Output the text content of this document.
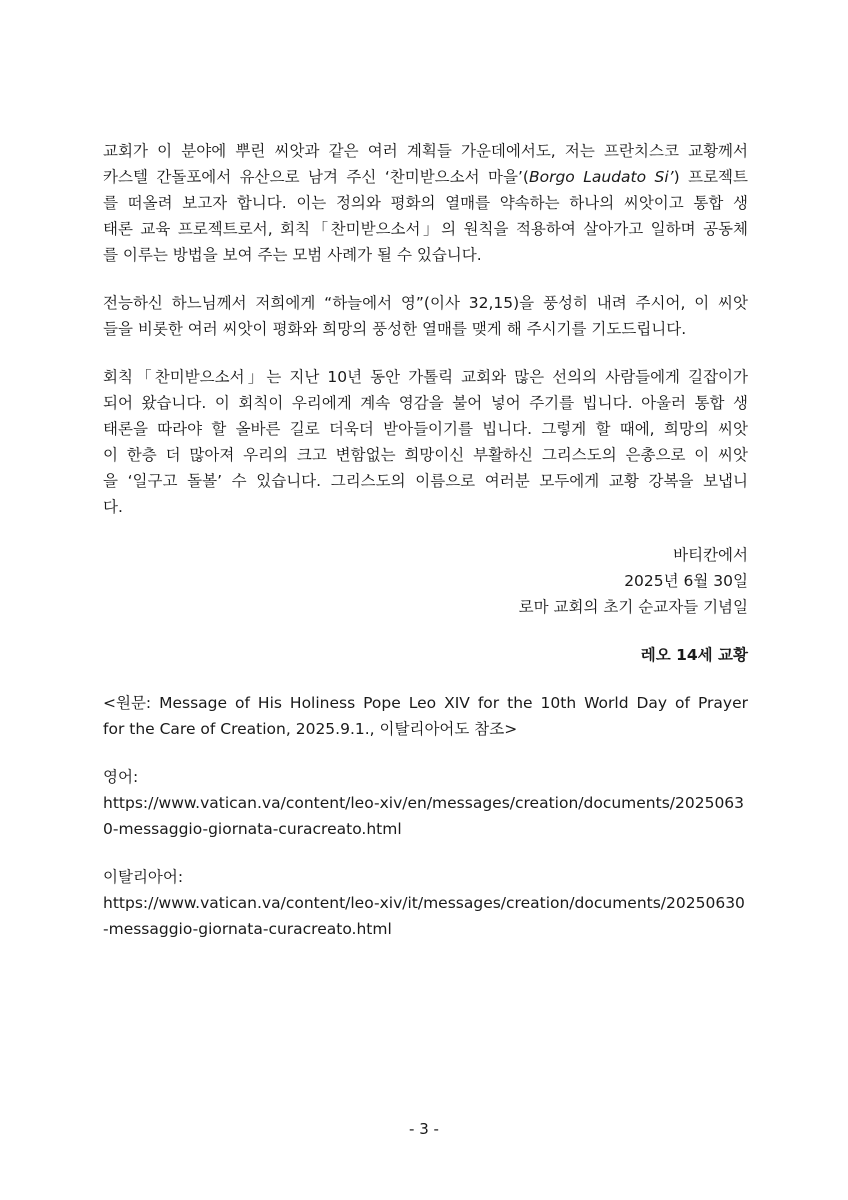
교회가 이 분야에 뿌린 씨앗과 같은 여러 계획들 가운데에서도, 저는 프란치스코 교황께서
카스텔 간돌포에서 유산으로 남겨 주신 ‘찬미받으소서 마을’(Borgo Laudato Si’) 프로젝트
를 떠올려 보고자 합니다. 이는 정의와 평화의 열매를 약속하는 하나의 씨앗이고 통합 생
태론 교육 프로젝트로서, 회칙「찬미받으소서」의 원칙을 적용하여 살아가고 일하며 공동체
를 이루는 방법을 보여 주는 모범 사례가 될 수 있습니다.
전능하신 하느님께서 저희에게 “하늘에서 영”(이사 32,15)을 풍성히 내려 주시어, 이 씨앗
들을 비롯한 여러 씨앗이 평화와 희망의 풍성한 열매를 맺게 해 주시기를 기도드립니다.
회칙「찬미받으소서」는 지난 10년 동안 가톨릭 교회와 많은 선의의 사람들에게 길잡이가
되어 왔습니다. 이 회칙이 우리에게 계속 영감을 불어 넣어 주기를 빕니다. 아울러 통합 생
태론을 따라야 할 올바른 길로 더욱더 받아들이기를 빕니다. 그렇게 할 때에, 희망의 씨앗
이 한층 더 많아져 우리의 크고 변함없는 희망이신 부활하신 그리스도의 은총으로 이 씨앗
을 ‘일구고 돌볼’ 수 있습니다. 그리스도의 이름으로 여러분 모두에게 교황 강복을 보냅니
다.
바티칸에서
2025년 6월 30일
로마 교회의 초기 순교자들 기념일
레오 14세 교황
<원문: Message of His Holiness Pope Leo XIV for the 10th World Day of Prayer
for the Care of Creation, 2025.9.1., 이탈리아어도 참조>
영어:
https://www.vatican.va/content/leo-xiv/en/messages/creation/documents/2025063
0-messaggio-giornata-curacreato.html
이탈리아어:
https://www.vatican.va/content/leo-xiv/it/messages/creation/documents/20250630
-messaggio-giornata-curacreato.html
- 3 -
